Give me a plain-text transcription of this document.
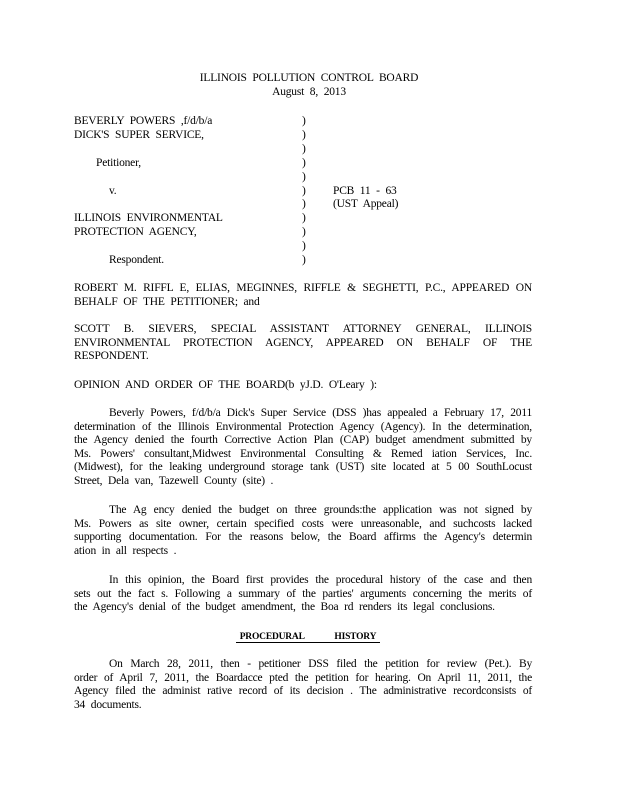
ILLINOIS POLLUTION CONTROL BOARD
August 8, 2013
BEVERLY POWERS ,f/d/b/a
DICK'S SUPER SERVICE,
Petitioner,
v.
ILLINOIS ENVIRONMENTAL
PROTECTION AGENCY,
Respondent.
)
)
)
)
)
)
)
)
)
)
)
PCB 11 - 63
(UST Appeal)
ROBERT M. RIFFL E, ELIAS, MEGINNES, RIFFLE & SEGHETTI, P.C., APPEARED ON BEHALF OF THE PETITIONER; and
SCOTT B. SIEVERS, SPECIAL ASSISTANT ATTORNEY GENERAL, ILLINOIS ENVIRONMENTAL PROTECTION AGENCY, APPEARED ON BEHALF OF THE RESPONDENT.
OPINION AND ORDER OF THE BOARD(b yJ.D. O'Leary ):
Beverly Powers, f/d/b/a Dick's Super Service (DSS )has appealed a February 17, 2011 determination of the Illinois Environmental Protection Agency (Agency). In the determination, the Agency denied the fourth Corrective Action Plan (CAP) budget amendment submitted by Ms. Powers' consultant,Midwest Environmental Consulting & Remed iation Services, Inc. (Midwest), for the leaking underground storage tank (UST) site located at 5 00 SouthLocust Street, Dela van, Tazewell County (site) .
The Ag ency denied the budget on three grounds:the application was not signed by Ms. Powers as site owner, certain specified costs were unreasonable, and suchcosts lacked supporting documentation. For the reasons below, the Board affirms the Agency's determin ation in all respects .
In this opinion, the Board first provides the procedural history of the case and then sets out the fact s. Following a summary of the parties' arguments concerning the merits of the Agency's denial of the budget amendment, the Boa rd renders its legal conclusions.
PROCEDURAL HISTORY
On March 28, 2011, then - petitioner DSS filed the petition for review (Pet.). By order of April 7, 2011, the Boardacce pted the petition for hearing. On April 11, 2011, the Agency filed the administ rative record of its decision . The administrative recordconsists of 34 documents.
